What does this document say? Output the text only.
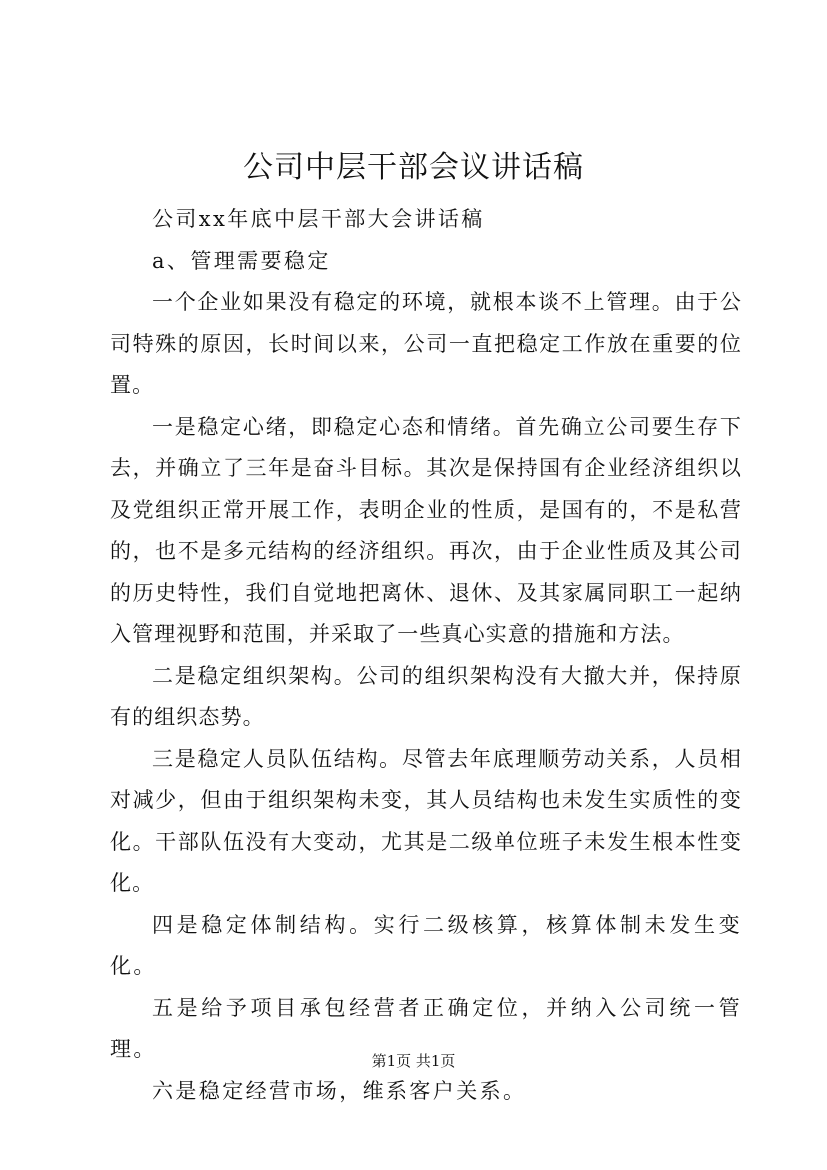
公司中层干部会议讲话稿

公司xx年底中层干部大会讲话稿

a、管理需要稳定

一个企业如果没有稳定的环境，就根本谈不上管理。由于公司特殊的原因，长时间以来，公司一直把稳定工作放在重要的位置。

一是稳定心绪，即稳定心态和情绪。首先确立公司要生存下去，并确立了三年是奋斗目标。其次是保持国有企业经济组织以及党组织正常开展工作，表明企业的性质，是国有的，不是私营的，也不是多元结构的经济组织。再次，由于企业性质及其公司的历史特性，我们自觉地把离休、退休、及其家属同职工一起纳入管理视野和范围，并采取了一些真心实意的措施和方法。

二是稳定组织架构。公司的组织架构没有大撤大并，保持原有的组织态势。

三是稳定人员队伍结构。尽管去年底理顺劳动关系，人员相对减少，但由于组织架构未变，其人员结构也未发生实质性的变化。干部队伍没有大变动，尤其是二级单位班子未发生根本性变化。

四是稳定体制结构。实行二级核算，核算体制未发生变化。

五是给予项目承包经营者正确定位，并纳入公司统一管理。

六是稳定经营市场，维系客户关系。

第1页 共1页
